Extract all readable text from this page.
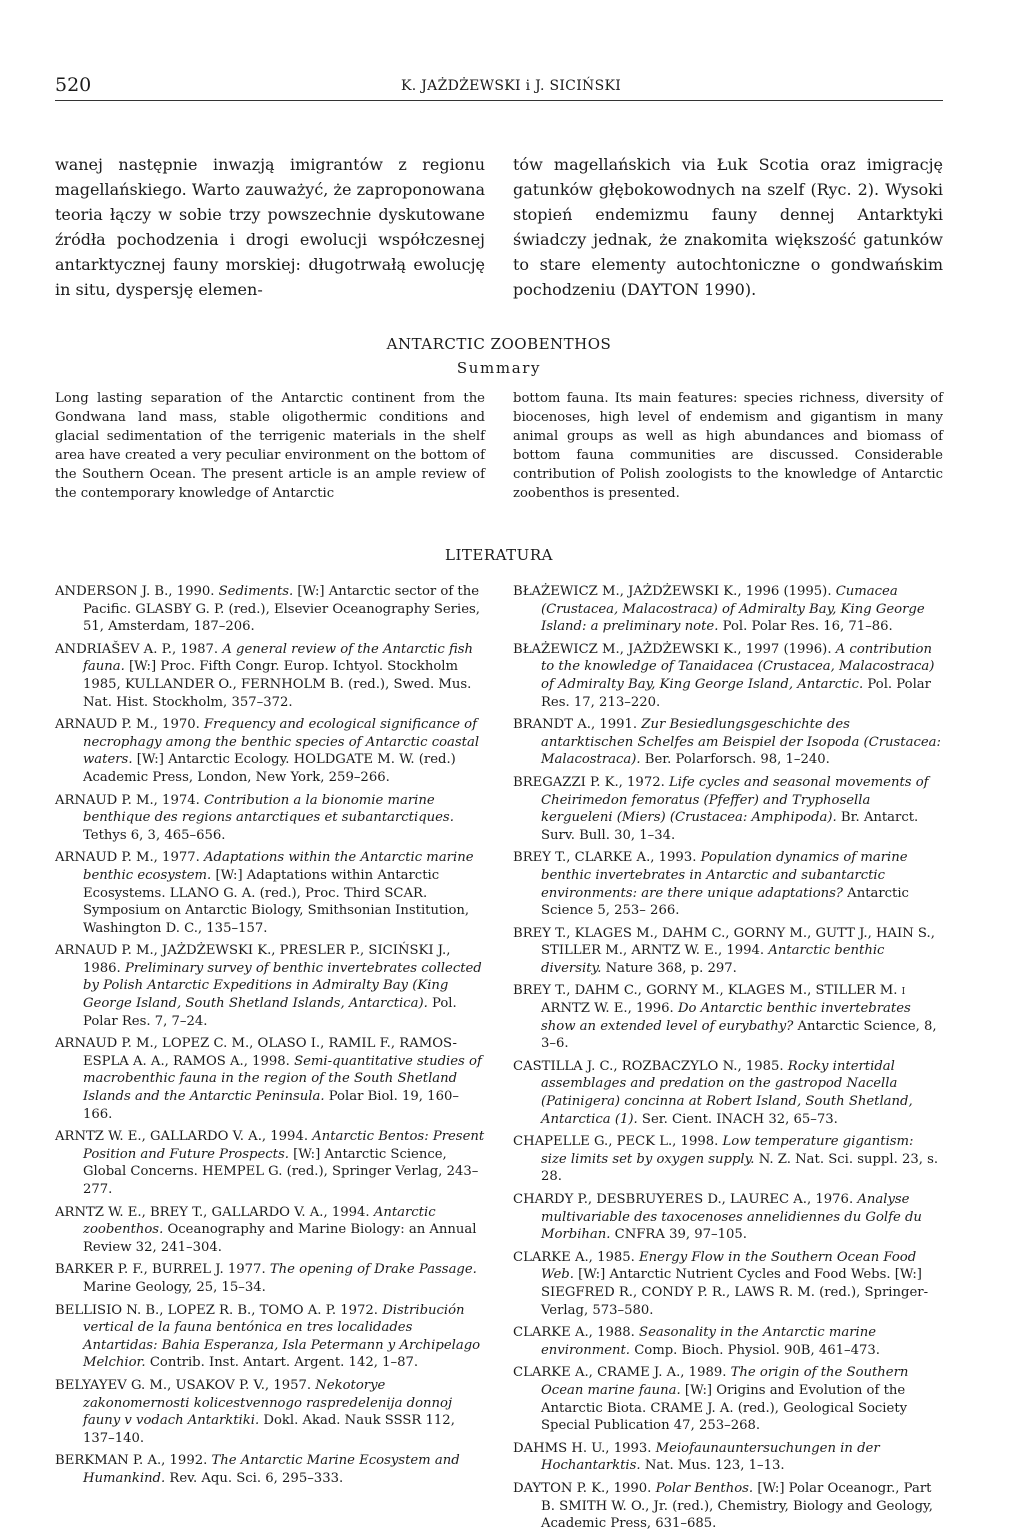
520	K. JAŻDŻEWSKI i J. SICIŃSKI

wanej następnie inwazją imigrantów z regionu magellańskiego. Warto zauważyć, że zaproponowana teoria łączy w sobie trzy powszechnie dyskutowane źródła pochodzenia i drogi ewolucji współczesnej antarktycznej fauny morskiej: długotrwałą ewolucję in situ, dyspersję elemen-

tów magellańskich via Łuk Scotia oraz imigrację gatunków głębokowodnych na szelf (Ryc. 2). Wysoki stopień endemizmu fauny dennej Antarktyki świadczy jednak, że znakomita większość gatunków to stare elementy autochtoniczne o gondwańskim pochodzeniu (DAYTON 1990).

ANTARCTIC ZOOBENTHOS
Summary

Long lasting separation of the Antarctic continent from the Gondwana land mass, stable oligothermic conditions and glacial sedimentation of the terrigenic materials in the shelf area have created a very peculiar environment on the bottom of the Southern Ocean. The present article is an ample review of the contemporary knowledge of Antarctic

bottom fauna. Its main features: species richness, diversity of biocenoses, high level of endemism and gigantism in many animal groups as well as high abundances and biomass of bottom fauna communities are discussed. Considerable contribution of Polish zoologists to the knowledge of Antarctic zoobenthos is presented.

LITERATURA

ANDERSON J. B., 1990. Sediments. [W:] Antarctic sector of the Pacific. GLASBY G. P. (red.), Elsevier Oceanography Series, 51, Amsterdam, 187–206.

ANDRIAŠEV A. P., 1987. A general review of the Antarctic fish fauna. [W:] Proc. Fifth Congr. Europ. Ichtyol. Stockholm 1985, KULLANDER O., FERNHOLM B. (red.), Swed. Mus. Nat. Hist. Stockholm, 357–372.

ARNAUD P. M., 1970. Frequency and ecological significance of necrophagy among the benthic species of Antarctic coastal waters. [W:] Antarctic Ecology. HOLDGATE M. W. (red.) Academic Press, London, New York, 259–266.

ARNAUD P. M., 1974. Contribution a la bionomie marine benthique des regions antarctiques et subantarctiques. Tethys 6, 3, 465–656.

ARNAUD P. M., 1977. Adaptations within the Antarctic marine benthic ecosystem. [W:] Adaptations within Antarctic Ecosystems. LLANO G. A. (red.), Proc. Third SCAR. Symposium on Antarctic Biology, Smithsonian Institution, Washington D. C., 135–157.

ARNAUD P. M., JAŻDŻEWSKI K., PRESLER P., SICIŃSKI J., 1986. Preliminary survey of benthic invertebrates collected by Polish Antarctic Expeditions in Admiralty Bay (King George Island, South Shetland Islands, Antarctica). Pol. Polar Res. 7, 7–24.

ARNAUD P. M., LOPEZ C. M., OLASO I., RAMIL F., RAMOS-ESPLA A. A., RAMOS A., 1998. Semi-quantitative studies of macrobenthic fauna in the region of the South Shetland Islands and the Antarctic Peninsula. Polar Biol. 19, 160–166.

ARNTZ W. E., GALLARDO V. A., 1994. Antarctic Bentos: Present Position and Future Prospects. [W:] Antarctic Science, Global Concerns. HEMPEL G. (red.), Springer Verlag, 243–277.

ARNTZ W. E., BREY T., GALLARDO V. A., 1994. Antarctic zoobenthos. Oceanography and Marine Biology: an Annual Review 32, 241–304.

BARKER P. F., BURREL J. 1977. The opening of Drake Passage. Marine Geology, 25, 15–34.

BELLISIO N. B., LOPEZ R. B., TOMO A. P. 1972. Distribución vertical de la fauna bentónica en tres localidades Antartidas: Bahia Esperanza, Isla Petermann y Archipelago Melchior. Contrib. Inst. Antart. Argent. 142, 1–87.

BELYAYEV G. M., USAKOV P. V., 1957. Nekotorye zakonomernosti kolicestvennogo raspredelenija donnoj fauny v vodach Antarktiki. Dokl. Akad. Nauk SSSR 112, 137–140.

BERKMAN P. A., 1992. The Antarctic Marine Ecosystem and Humankind. Rev. Aqu. Sci. 6, 295–333.

BŁAŻEWICZ M., JAŻDŻEWSKI K., 1996 (1995). Cumacea (Crustacea, Malacostraca) of Admiralty Bay, King George Island: a preliminary note. Pol. Polar Res. 16, 71–86.

BŁAŻEWICZ M., JAŻDŻEWSKI K., 1997 (1996). A contribution to the knowledge of Tanaidacea (Crustacea, Malacostraca) of Admiralty Bay, King George Island, Antarctic. Pol. Polar Res. 17, 213–220.

BRANDT A., 1991. Zur Besiedlungsgeschichte des antarktischen Schelfes am Beispiel der Isopoda (Crustacea: Malacostraca). Ber. Polarforsch. 98, 1–240.

BREGAZZI P. K., 1972. Life cycles and seasonal movements of Cheirimedon femoratus (Pfeffer) and Tryphosella kergueleni (Miers) (Crustacea: Amphipoda). Br. Antarct. Surv. Bull. 30, 1–34.

BREY T., CLARKE A., 1993. Population dynamics of marine benthic invertebrates in Antarctic and subantarctic environments: are there unique adaptations? Antarctic Science 5, 253– 266.

BREY T., KLAGES M., DAHM C., GORNY M., GUTT J., HAIN S., STILLER M., ARNTZ W. E., 1994. Antarctic benthic diversity. Nature 368, p. 297.

BREY T., DAHM C., GORNY M., KLAGES M., STILLER M. i ARNTZ W. E., 1996. Do Antarctic benthic invertebrates show an extended level of eurybathy? Antarctic Science, 8, 3–6.

CASTILLA J. C., ROZBACZYLO N., 1985. Rocky intertidal assemblages and predation on the gastropod Nacella (Patinigera) concinna at Robert Island, South Shetland, Antarctica (1). Ser. Cient. INACH 32, 65–73.

CHAPELLE G., PECK L., 1998. Low temperature gigantism: size limits set by oxygen supply. N. Z. Nat. Sci. suppl. 23, s. 28.

CHARDY P., DESBRUYERES D., LAUREC A., 1976. Analyse multivariable des taxocenoses annelidiennes du Golfe du Morbihan. CNFRA 39, 97–105.

CLARKE A., 1985. Energy Flow in the Southern Ocean Food Web. [W:] Antarctic Nutrient Cycles and Food Webs. [W:] SIEGFRED R., CONDY P. R., LAWS R. M. (red.), Springer-Verlag, 573–580.

CLARKE A., 1988. Seasonality in the Antarctic marine environment. Comp. Bioch. Physiol. 90B, 461–473.

CLARKE A., CRAME J. A., 1989. The origin of the Southern Ocean marine fauna. [W:] Origins and Evolution of the Antarctic Biota. CRAME J. A. (red.), Geological Society Special Publication 47, 253–268.

DAHMS H. U., 1993. Meiofaunauntersuchungen in der Hochantarktis. Nat. Mus. 123, 1–13.

DAYTON P. K., 1990. Polar Benthos. [W:] Polar Oceanogr., Part B. SMITH W. O., Jr. (red.), Chemistry, Biology and Geology, Academic Press, 631–685.
